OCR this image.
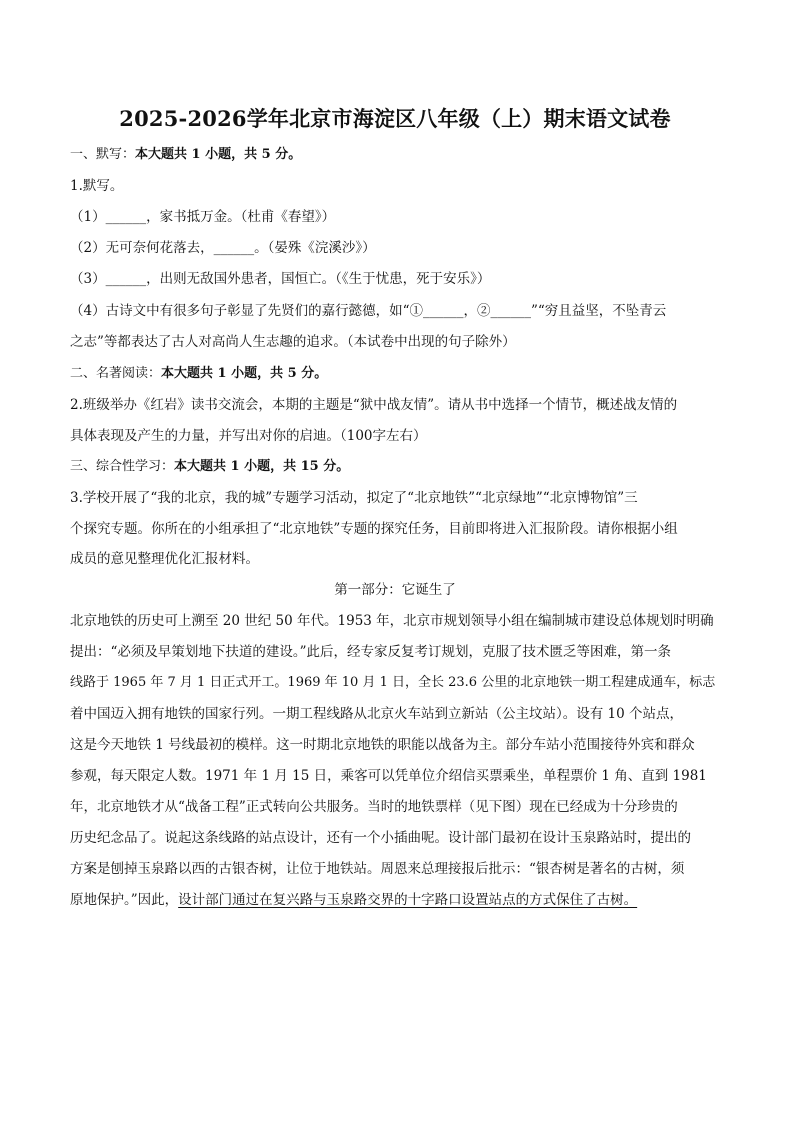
2025-2026学年北京市海淀区八年级（上）期末语文试卷
一、默写：本大题共 1 小题，共 5 分。
1.默写。
（1）______，家书抵万金。（杜甫《春望》）
（2）无可奈何花落去，______。（晏殊《浣溪沙》）
（3）______，出则无敌国外患者，国恒亡。（《生于忧患，死于安乐》）
（4）古诗文中有很多句子彰显了先贤们的嘉行懿德，如“①______，②______”“穷且益坚，不坠青云
之志”等都表达了古人对高尚人生志趣的追求。（本试卷中出现的句子除外）
二、名著阅读：本大题共 1 小题，共 5 分。
2.班级举办《红岩》读书交流会，本期的主题是“狱中战友情”。请从书中选择一个情节，概述战友情的
具体表现及产生的力量，并写出对你的启迪。（100字左右）
三、综合性学习：本大题共 1 小题，共 15 分。
3.学校开展了“我的北京，我的城”专题学习活动，拟定了“北京地铁”“北京绿地”“北京博物馆”三
个探究专题。你所在的小组承担了“北京地铁”专题的探究任务，目前即将进入汇报阶段。请你根据小组
成员的意见整理优化汇报材料。
第一部分：它诞生了
北京地铁的历史可上溯至 20 世纪 50 年代。1953 年，北京市规划领导小组在编制城市建设总体规划时明确
提出：“必须及早策划地下扶道的建设。”此后，经专家反复考订规划，克服了技术匮乏等困难，第一条
线路于 1965 年 7 月 1 日正式开工。1969 年 10 月 1 日，全长 23.6 公里的北京地铁一期工程建成通车，标志
着中国迈入拥有地铁的国家行列。一期工程线路从北京火车站到立新站（公主坟站）。设有 10 个站点，
这是今天地铁 1 号线最初的模样。这一时期北京地铁的职能以战备为主。部分车站小范围接待外宾和群众
参观，每天限定人数。1971 年 1 月 15 日，乘客可以凭单位介绍信买票乘坐，单程票价 1 角、直到 1981
年，北京地铁才从“战备工程”正式转向公共服务。当时的地铁票样（见下图）现在已经成为十分珍贵的
历史纪念品了。说起这条线路的站点设计，还有一个小插曲呢。设计部门最初在设计玉泉路站时，提出的
方案是刨掉玉泉路以西的古银杏树，让位于地铁站。周恩来总理接报后批示：“银杏树是著名的古树，须
原地保护。”因此，设计部门通过在复兴路与玉泉路交界的十字路口设置站点的方式保住了古树。
